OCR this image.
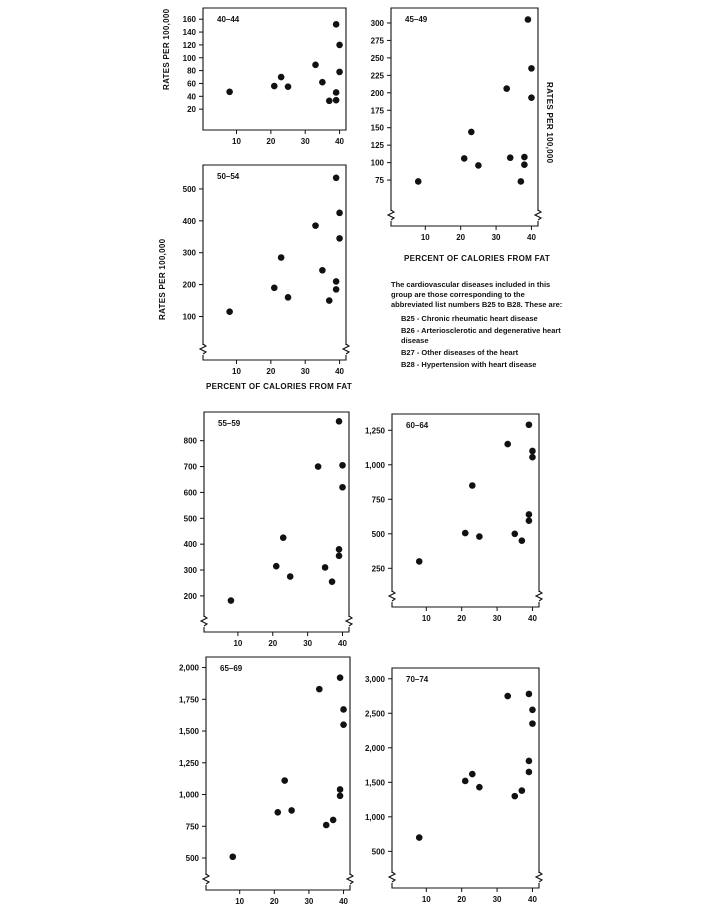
40–44
20
40
60
80
100
120
140
160
10	20	30	40
45–49
75
100
125
150
175
200
225
250
275
300
10	20	30	40
50–54
100
200
300
400
500
10	20	30	40
55–59
200
300
400
500
600
700
800
10	20	30	40
60–64
250
500
750
1,000
1,250
10	20	30	40
65–69
500
750
1,000
1,250
1,500
1,750
2,000
10	20	30	40
70–74
500
1,000
1,500
2,000
2,500
3,000
10	20	30	40
RATES PER 100,000
RATES PER 100,000
RATES PER 100,000	PERCENT OF CALORIES FROM FAT
PERCENT OF CALORIES FROM FAT
The cardiovascular diseases included in this group are those corresponding to the abbreviated list numbers B25 to B28. These are:
B25 - Chronic rheumatic heart disease
B26 - Arteriosclerotic and degenerative heart disease
B27 - Other diseases of the heart
B28 - Hypertension with heart disease
